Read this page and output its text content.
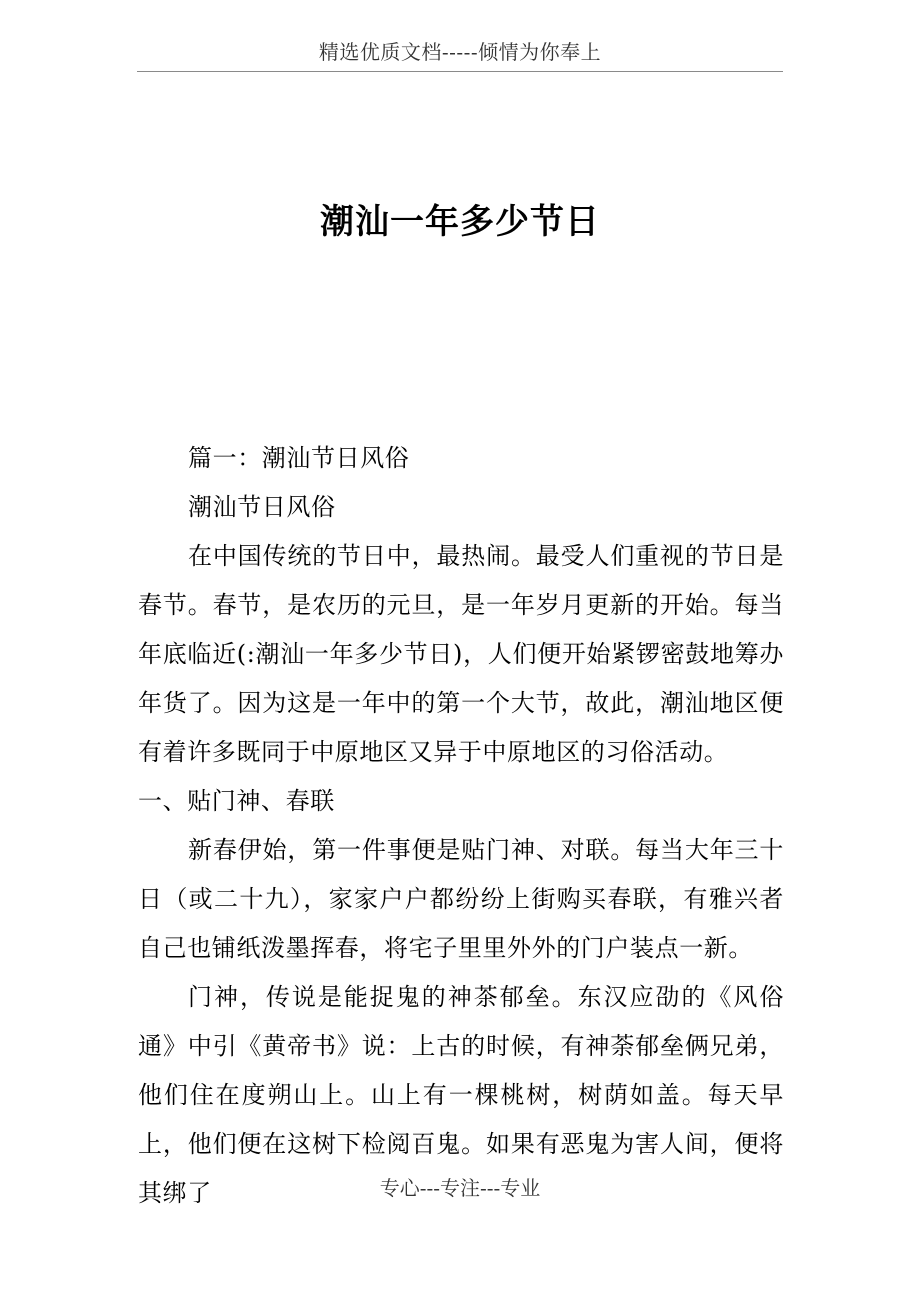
精选优质文档-----倾情为你奉上
潮汕一年多少节日

篇一：潮汕节日风俗

潮汕节日风俗

在中国传统的节日中，最热闹。最受人们重视的节日是春节。春节，是农历的元旦，是一年岁月更新的开始。每当年底临近(:潮汕一年多少节日)，人们便开始紧锣密鼓地筹办年货了。因为这是一年中的第一个大节，故此，潮汕地区便有着许多既同于中原地区又异于中原地区的习俗活动。

一、贴门神、春联

新春伊始，第一件事便是贴门神、对联。每当大年三十日（或二十九），家家户户都纷纷上街购买春联，有雅兴者自己也铺纸泼墨挥春，将宅子里里外外的门户装点一新。

门神，传说是能捉鬼的神茶郁垒。东汉应劭的《风俗通》中引《黄帝书》说：上古的时候，有神荼郁垒俩兄弟，他们住在度朔山上。山上有一棵桃树，树荫如盖。每天早上，他们便在这树下检阅百鬼。如果有恶鬼为害人间，便将其绑了	专心---专注---专业
